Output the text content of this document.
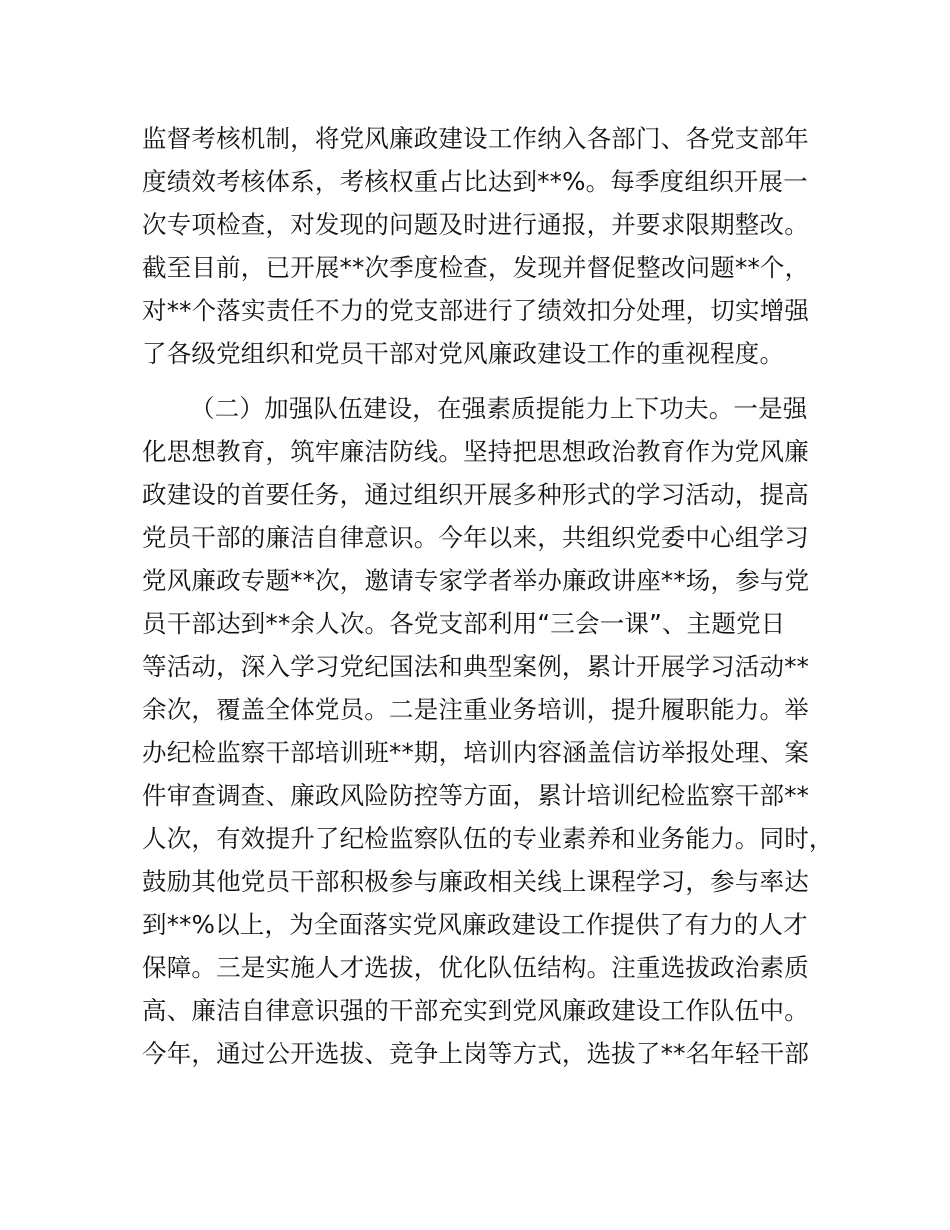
监督考核机制，将党风廉政建设工作纳入各部门、各党支部年
度绩效考核体系，考核权重占比达到**%。每季度组织开展一
次专项检查，对发现的问题及时进行通报，并要求限期整改。
截至目前，已开展**次季度检查，发现并督促整改问题**个，
对**个落实责任不力的党支部进行了绩效扣分处理，切实增强
了各级党组织和党员干部对党风廉政建设工作的重视程度。
（二）加强队伍建设，在强素质提能力上下功夫。一是强
化思想教育，筑牢廉洁防线。坚持把思想政治教育作为党风廉
政建设的首要任务，通过组织开展多种形式的学习活动，提高
党员干部的廉洁自律意识。今年以来，共组织党委中心组学习
党风廉政专题**次，邀请专家学者举办廉政讲座**场，参与党
员干部达到**余人次。各党支部利用“三会一课”、主题党日
等活动，深入学习党纪国法和典型案例，累计开展学习活动**
余次，覆盖全体党员。二是注重业务培训，提升履职能力。举
办纪检监察干部培训班**期，培训内容涵盖信访举报处理、案
件审查调查、廉政风险防控等方面，累计培训纪检监察干部**
人次，有效提升了纪检监察队伍的专业素养和业务能力。同时，
鼓励其他党员干部积极参与廉政相关线上课程学习，参与率达
到**%以上，为全面落实党风廉政建设工作提供了有力的人才
保障。三是实施人才选拔，优化队伍结构。注重选拔政治素质
高、廉洁自律意识强的干部充实到党风廉政建设工作队伍中。
今年，通过公开选拔、竞争上岗等方式，选拔了**名年轻干部
